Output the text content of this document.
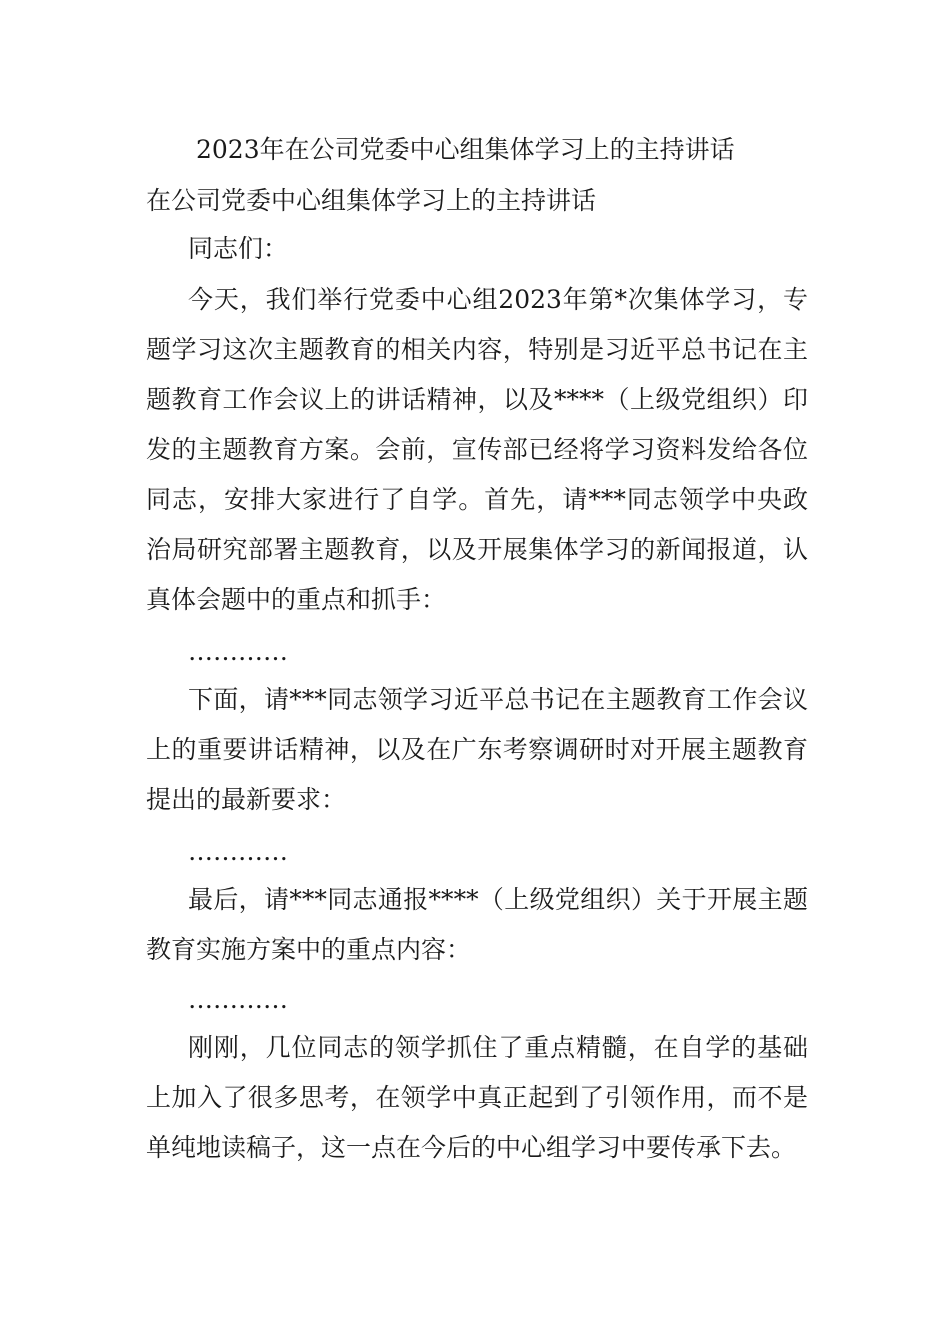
2023年在公司党委中心组集体学习上的主持讲话
在公司党委中心组集体学习上的主持讲话

同志们：

今天，我们举行党委中心组2023年第*次集体学习，专题学习这次主题教育的相关内容，特别是习近平总书记在主题教育工作会议上的讲话精神，以及****（上级党组织）印发的主题教育方案。会前，宣传部已经将学习资料发给各位同志，安排大家进行了自学。首先，请***同志领学中央政治局研究部署主题教育，以及开展集体学习的新闻报道，认真体会题中的重点和抓手：

…………

下面，请***同志领学习近平总书记在主题教育工作会议上的重要讲话精神，以及在广东考察调研时对开展主题教育提出的最新要求：

…………

最后，请***同志通报****（上级党组织）关于开展主题教育实施方案中的重点内容：

…………

刚刚，几位同志的领学抓住了重点精髓，在自学的基础上加入了很多思考，在领学中真正起到了引领作用，而不是单纯地读稿子，这一点在今后的中心组学习中要传承下去。
